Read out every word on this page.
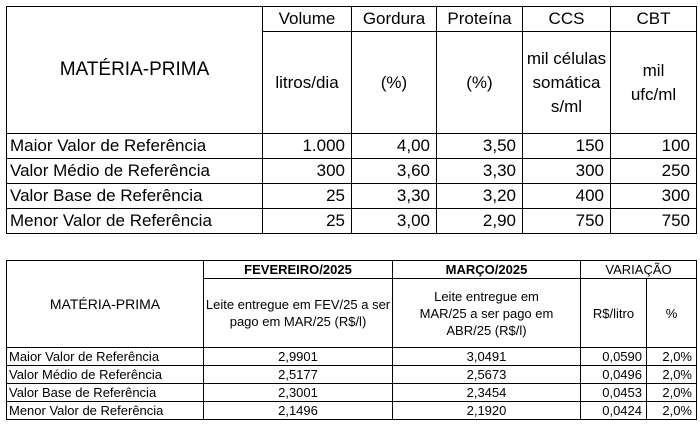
MATÉRIA-PRIMA	Volume	Gordura	Proteína	CCS	CBT
	litros/dia	(%)	(%)	mil células somática s/ml	mil ufc/ml
Maior Valor de Referência	1.000	4,00	3,50	150	100
Valor Médio de Referência	300	3,60	3,30	300	250
Valor Base de Referência	25	3,30	3,20	400	300
Menor Valor de Referência	25	3,00	2,90	750	750
MATÉRIA-PRIMA	FEVEREIRO/2025	MARÇO/2025	VARIAÇÃO	
	Leite entregue em FEV/25 a ser pago em MAR/25 (R$/l)	Leite entregue em MAR/25 a ser pago em ABR/25 (R$/l)	R$/litro	%
Maior Valor de Referência	2,9901	3,0491	0,0590	2,0%
Valor Médio de Referência	2,5177	2,5673	0,0496	2,0%
Valor Base de Referência	2,3001	2,3454	0,0453	2,0%
Menor Valor de Referência	2,1496	2,1920	0,0424	2,0%
